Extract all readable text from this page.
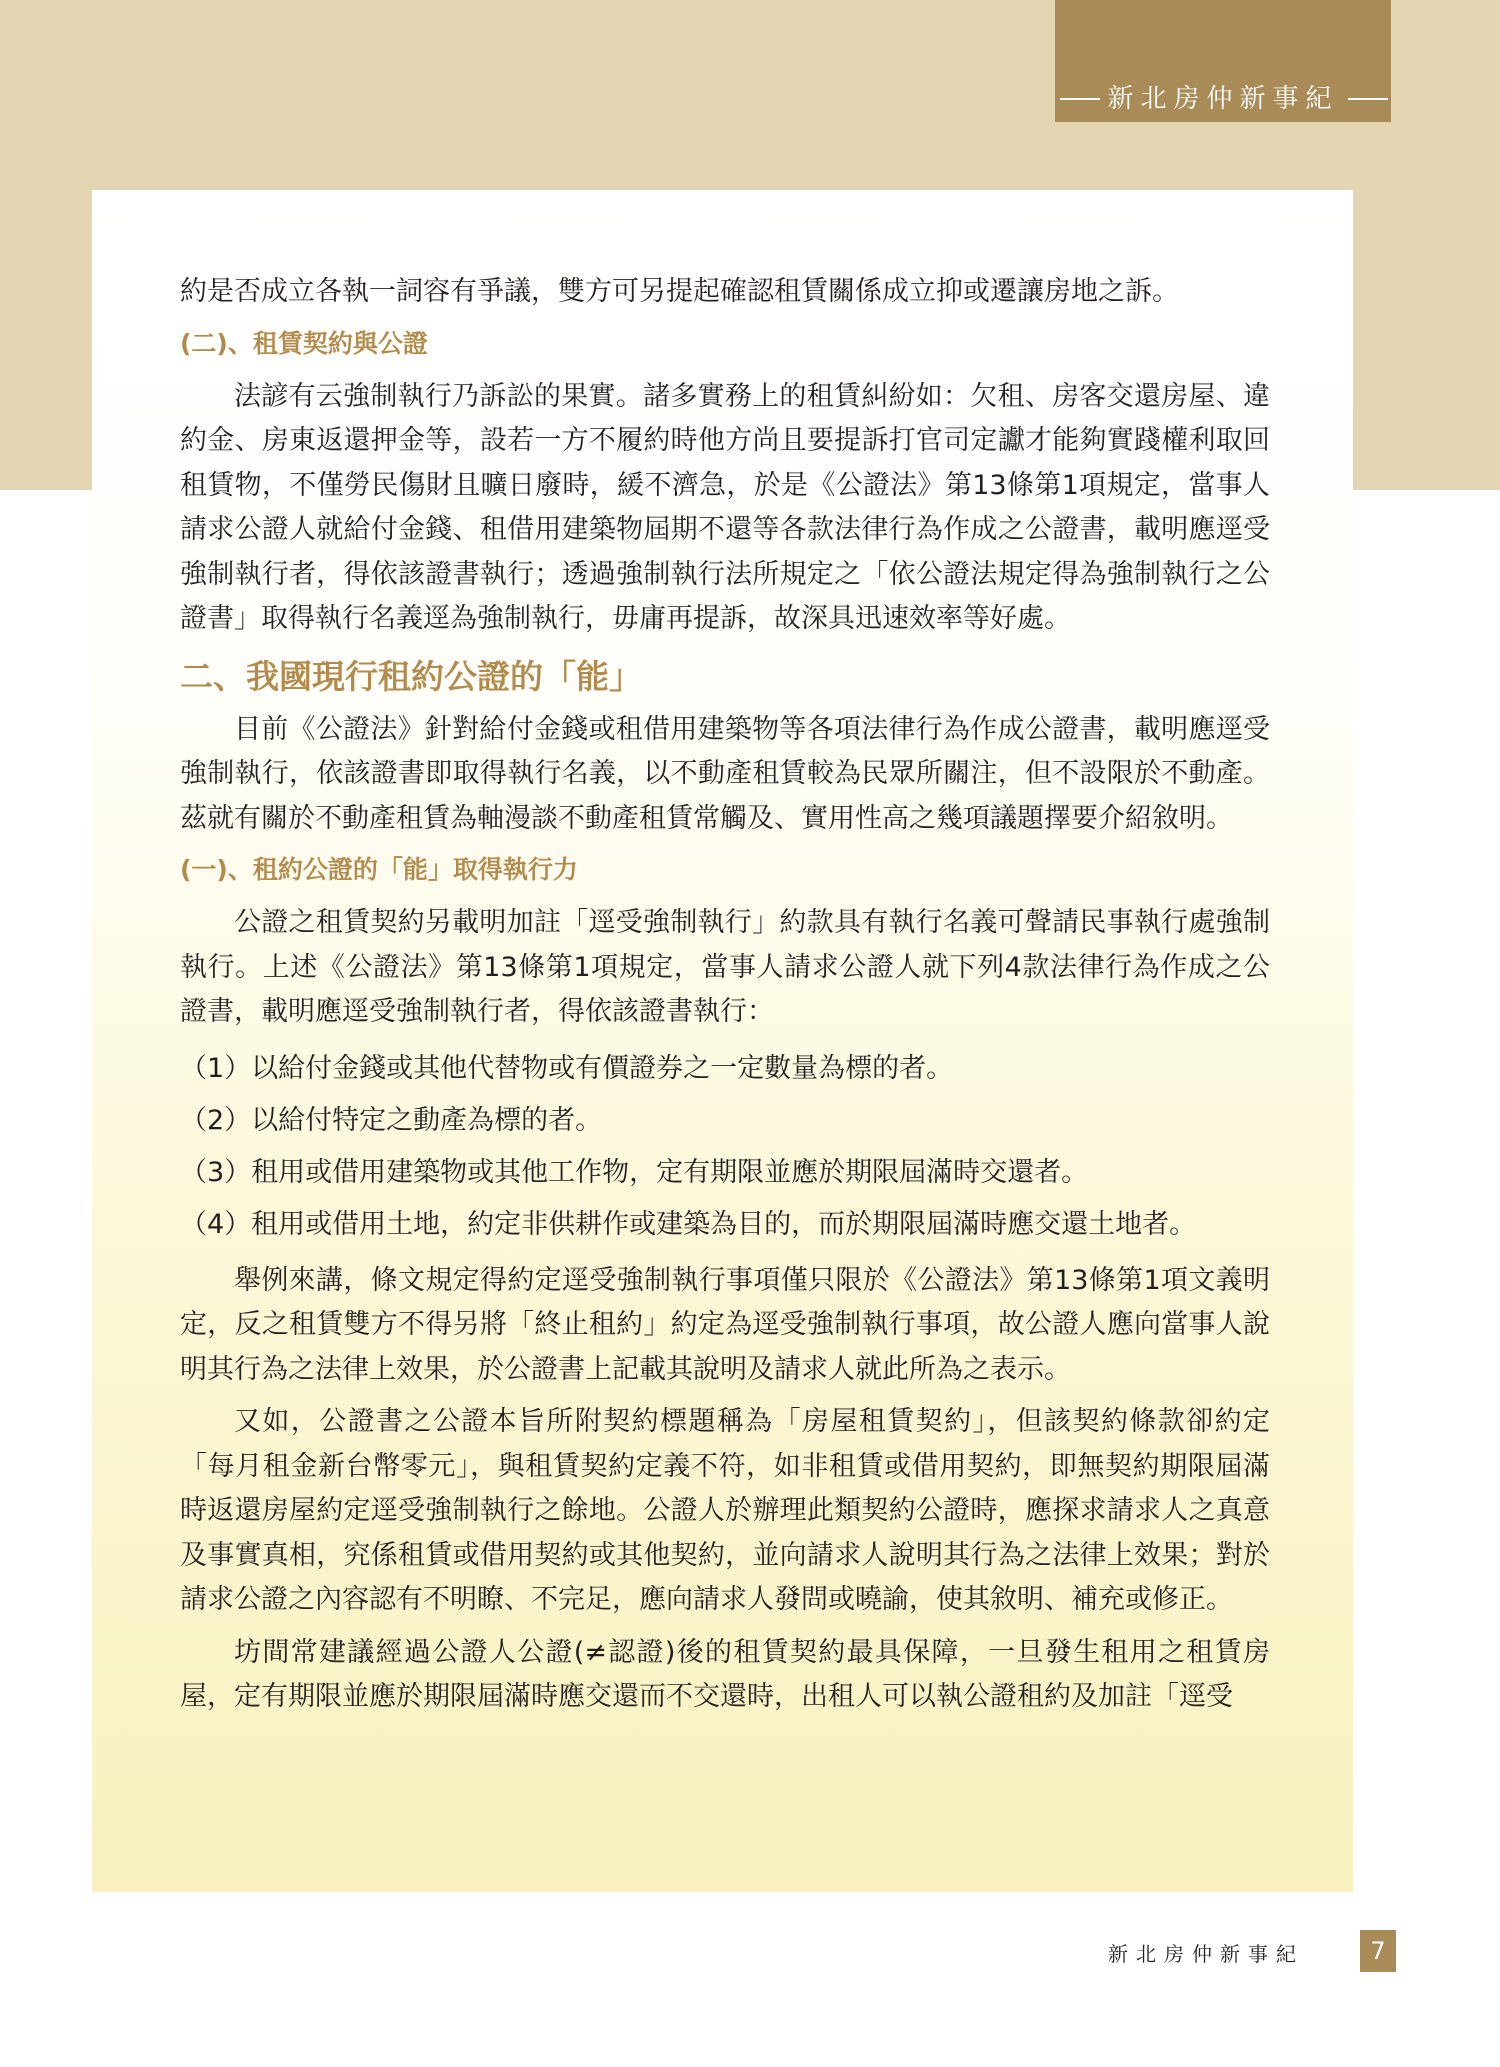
新北房仲新事紀

約是否成立各執一詞容有爭議，雙方可另提起確認租賃關係成立抑或遷讓房地之訴。

(二)、租賃契約與公證

法諺有云強制執行乃訴訟的果實。諸多實務上的租賃糾紛如：欠租、房客交還房屋、違約金、房東返還押金等，設若一方不履約時他方尚且要提訴打官司定讞才能夠實踐權利取回租賃物，不僅勞民傷財且曠日廢時，緩不濟急，於是《公證法》第13條第1項規定，當事人請求公證人就給付金錢、租借用建築物屆期不還等各款法律行為作成之公證書，載明應逕受強制執行者，得依該證書執行；透過強制執行法所規定之「依公證法規定得為強制執行之公證書」取得執行名義逕為強制執行，毋庸再提訴，故深具迅速效率等好處。

二、我國現行租約公證的「能」

目前《公證法》針對給付金錢或租借用建築物等各項法律行為作成公證書，載明應逕受強制執行，依該證書即取得執行名義，以不動產租賃較為民眾所關注，但不設限於不動產。茲就有關於不動產租賃為軸漫談不動產租賃常觸及、實用性高之幾項議題擇要介紹敘明。

(一)、租約公證的「能」取得執行力

公證之租賃契約另載明加註「逕受強制執行」約款具有執行名義可聲請民事執行處強制執行。上述《公證法》第13條第1項規定，當事人請求公證人就下列4款法律行為作成之公證書，載明應逕受強制執行者，得依該證書執行：

（1）以給付金錢或其他代替物或有價證券之一定數量為標的者。

（2）以給付特定之動產為標的者。

（3）租用或借用建築物或其他工作物，定有期限並應於期限屆滿時交還者。

（4）租用或借用土地，約定非供耕作或建築為目的，而於期限屆滿時應交還土地者。

舉例來講，條文規定得約定逕受強制執行事項僅只限於《公證法》第13條第1項文義明定，反之租賃雙方不得另將「終止租約」約定為逕受強制執行事項，故公證人應向當事人說明其行為之法律上效果，於公證書上記載其說明及請求人就此所為之表示。

又如，公證書之公證本旨所附契約標題稱為「房屋租賃契約」，但該契約條款卻約定「每月租金新台幣零元」，與租賃契約定義不符，如非租賃或借用契約，即無契約期限屆滿時返還房屋約定逕受強制執行之餘地。公證人於辦理此類契約公證時，應探求請求人之真意及事實真相，究係租賃或借用契約或其他契約，並向請求人說明其行為之法律上效果；對於請求公證之內容認有不明瞭、不完足，應向請求人發問或曉諭，使其敘明、補充或修正。

坊間常建議經過公證人公證(≠認證)後的租賃契約最具保障，一旦發生租用之租賃房屋，定有期限並應於期限屆滿時應交還而不交還時，出租人可以執公證租約及加註「逕受

新北房仲新事紀	7
